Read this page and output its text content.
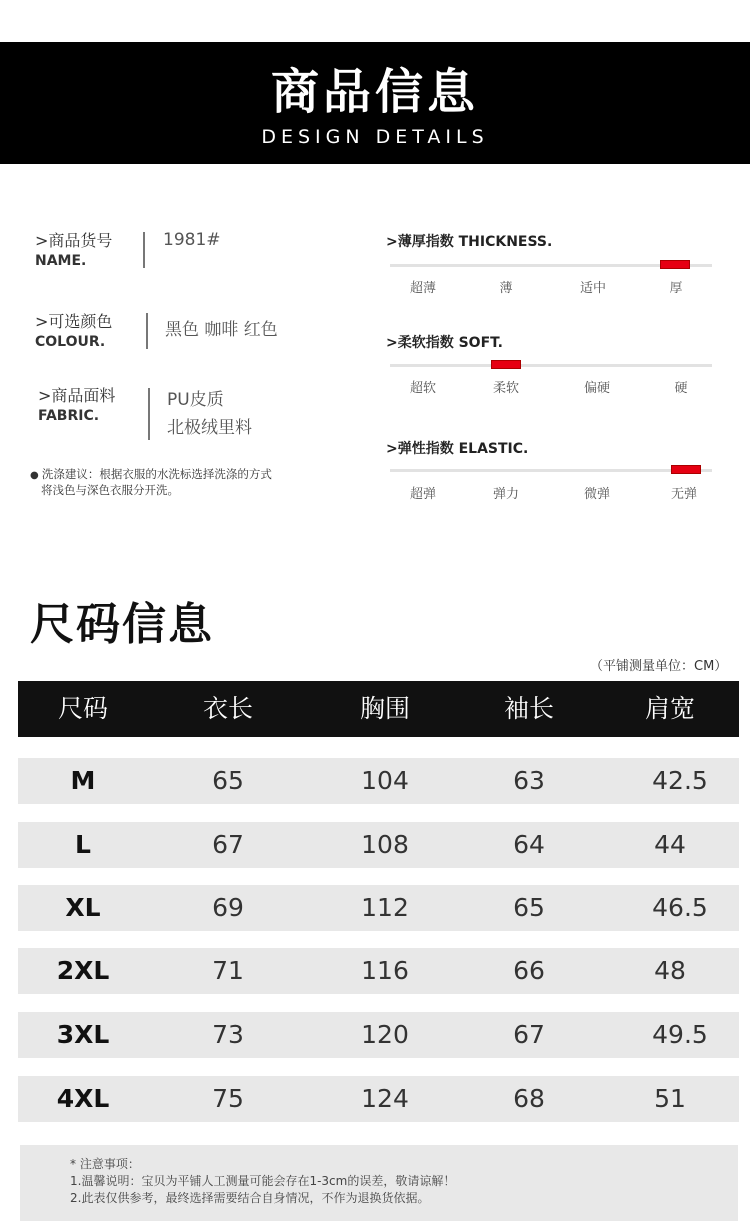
商品信息
DESIGN DETAILS
>商品货号
NAME.
1981#
>可选颜色
COLOUR.
黑色 咖啡 红色
>商品面料
FABRIC.
PU皮质
北极绒里料
● 洗涤建议：根据衣服的水洗标选择洗涤的方式
将浅色与深色衣服分开洗。
>薄厚指数 THICKNESS.
超薄	薄	适中	厚
>柔软指数 SOFT.
超软	柔软	偏硬	硬
>弹性指数 ELASTIC.
超弹	弹力	微弹	无弹
尺码信息
（平铺测量单位：CM）
尺码	衣长	胸围	袖长	肩宽
M	65	104	63	42.5
L	67	108	64	44
XL	69	112	65	46.5
2XL	71	116	66	48
3XL	73	120	67	49.5
4XL	75	124	68	51
* 注意事项：
1.温馨说明：宝贝为平铺人工测量可能会存在1-3cm的误差，敬请谅解！
2.此表仅供参考，最终选择需要结合自身情况，不作为退换货依据。
